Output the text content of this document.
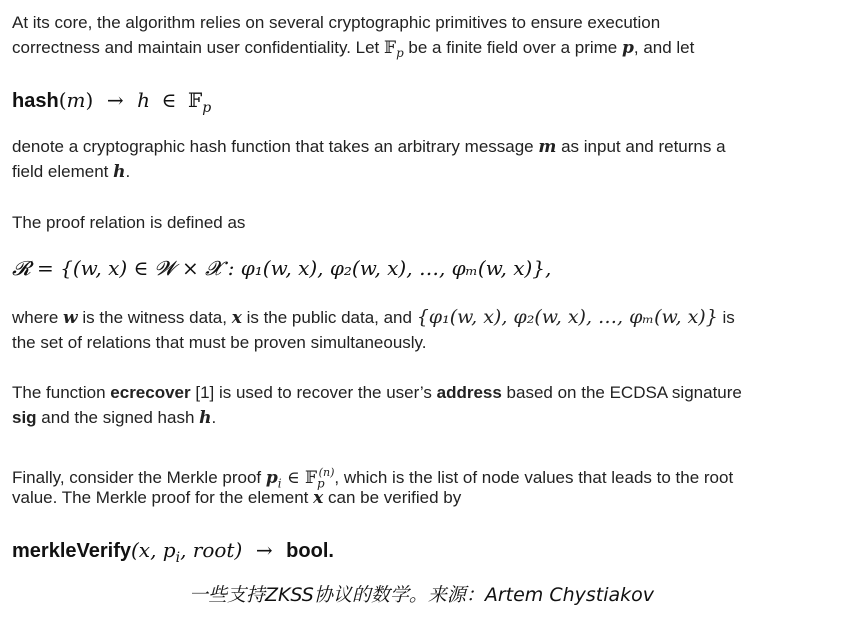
At its core, the algorithm relies on several cryptographic primitives to ensure execution
correctness and maintain user confidentiality. Let 𝔽$_p$ be a finite field over a prime p, and let
hash(m) → h ∈ 𝔽$_p$
denote a cryptographic hash function that takes an arbitrary message m as input and returns a
field element h.
The proof relation is defined as
𝓡 = {(w, x) ∈ 𝓦 × 𝓧 : φ₁(w, x), φ₂(w, x), …, φₘ(w, x)},
where w is the witness data, x is the public data, and {φ₁(w, x), φ₂(w, x), …, φₘ(w, x)} is
the set of relations that must be proven simultaneously.
The function ecrecover [1] is used to recover the user’s address based on the ECDSA signature
sig and the signed hash h.
Finally, consider the Merkle proof $p_i$ ∈ 𝔽$_p^{(n)}$, which is the list of node values that leads to the root
value. The Merkle proof for the element x can be verified by
merkleVerify(x, $p_i$, root) → bool.
一些支持ZKSS协议的数学。来源：Artem Chystiakov
